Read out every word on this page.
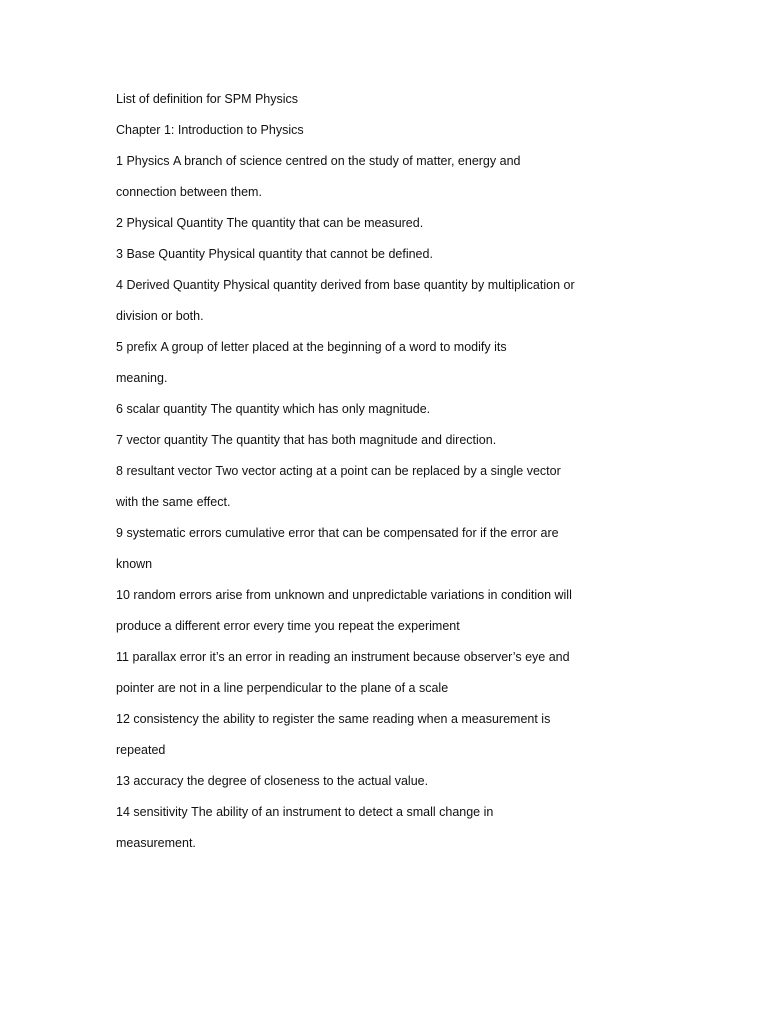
List of definition for SPM Physics
Chapter 1: Introduction to Physics
1 Physics A branch of science centred on the study of matter, energy and
connection between them.
2 Physical Quantity The quantity that can be measured.
3 Base Quantity Physical quantity that cannot be defined.
4 Derived Quantity Physical quantity derived from base quantity by multiplication or
division or both.
5 prefix A group of letter placed at the beginning of a word to modify its
meaning.
6 scalar quantity The quantity which has only magnitude.
7 vector quantity The quantity that has both magnitude and direction.
8 resultant vector Two vector acting at a point can be replaced by a single vector
with the same effect.
9 systematic errors cumulative error that can be compensated for if the error are
known
10 random errors arise from unknown and unpredictable variations in condition will
produce a different error every time you repeat the experiment
11 parallax error it’s an error in reading an instrument because observer’s eye and
pointer are not in a line perpendicular to the plane of a scale
12 consistency the ability to register the same reading when a measurement is
repeated
13 accuracy the degree of closeness to the actual value.
14 sensitivity The ability of an instrument to detect a small change in
measurement.
